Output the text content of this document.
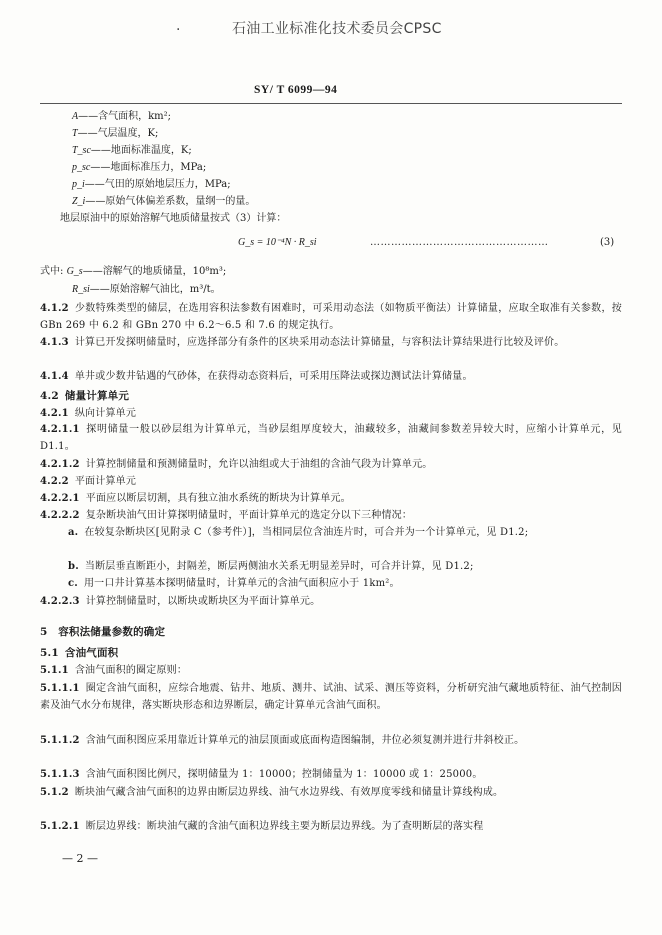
·	石油工业标准化技术委员会CPSC
SY/ T 6099—94
A——含气面积，km²;
T——气层温度，K;
T_sc——地面标准温度，K;
p_sc——地面标准压力，MPa;
p_i——气田的原始地层压力，MPa;
Z_i——原始气体偏差系数，量纲一的量。
地层原油中的原始溶解气地质储量按式（3）计算：
G_s = 10⁻⁴N · R_si	……………………………………………	(3)
式中: G_s——溶解气的地质储量，10⁸m³;
R_si——原始溶解气油比，m³/t。
4.1.2 少数特殊类型的储层，在选用容积法参数有困难时，可采用动态法（如物质平衡法）计算储量，应取全取准有关参数，按 GBn 269 中 6.2 和 GBn 270 中 6.2～6.5 和 7.6 的规定执行。
4.1.3 计算已开发探明储量时，应选择部分有条件的区块采用动态法计算储量，与容积法计算结果进行比较及评价。
4.1.4 单井或少数井钻遇的气砂体，在获得动态资料后，可采用压降法或探边测试法计算储量。
4.2 储量计算单元
4.2.1 纵向计算单元
4.2.1.1 探明储量一般以砂层组为计算单元，当砂层组厚度较大，油藏较多，油藏间参数差异较大时，应缩小计算单元，见 D1.1。
4.2.1.2 计算控制储量和预测储量时，允许以油组或大于油组的含油气段为计算单元。
4.2.2 平面计算单元
4.2.2.1 平面应以断层切割，具有独立油水系统的断块为计算单元。
4.2.2.2 复杂断块油气田计算探明储量时，平面计算单元的选定分以下三种情况：
a. 在较复杂断块区[见附录 C（参考件）]，当相同层位含油连片时，可合并为一个计算单元，见 D1.2;
b. 当断层垂直断距小，封隔差，断层两侧油水关系无明显差异时，可合并计算，见 D1.2;
c. 用一口井计算基本探明储量时，计算单元的含油气面积应小于 1km²。
4.2.2.3 计算控制储量时，以断块或断块区为平面计算单元。
5　容积法储量参数的确定
5.1 含油气面积
5.1.1 含油气面积的圈定原则：
5.1.1.1 圈定含油气面积，应综合地震、钻井、地质、测井、试油、试采、测压等资料，分析研究油气藏地质特征、油气控制因素及油气水分布规律，落实断块形态和边界断层，确定计算单元含油气面积。
5.1.1.2 含油气面积图应采用靠近计算单元的油层顶面或底面构造图编制，井位必须复测并进行井斜校正。
5.1.1.3 含油气面积图比例尺，探明储量为 1：10000；控制储量为 1：10000 或 1：25000。
5.1.2 断块油气藏含油气面积的边界由断层边界线、油气水边界线、有效厚度零线和储量计算线构成。
5.1.2.1 断层边界线：断块油气藏的含油气面积边界线主要为断层边界线。为了查明断层的落实程
— 2 —
